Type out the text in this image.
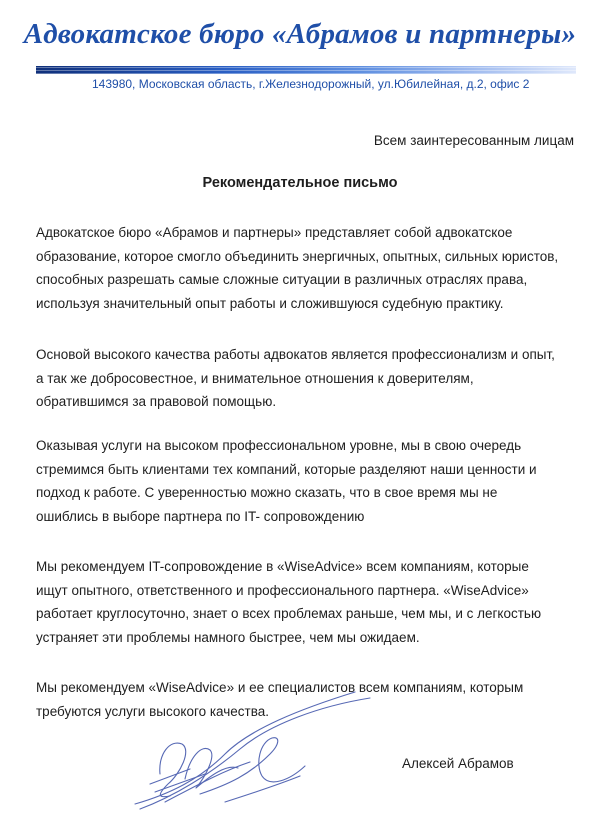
Адвокатское бюро «Абрамов и партнеры»
143980, Московская область, г.Железнодорожный, ул.Юбилейная, д.2, офис 2
Всем заинтересованным лицам
Рекомендательное письмо
Адвокатское бюро «Абрамов и партнеры» представляет собой адвокатское
образование, которое смогло объединить энергичных, опытных, сильных юристов,
способных разрешать самые сложные ситуации в различных отраслях права,
используя значительный опыт работы и сложившуюся судебную практику.
Основой высокого качества работы адвокатов является профессионализм и опыт,
а так же добросовестное, и внимательное отношения к доверителям,
обратившимся за правовой помощью.
Оказывая услуги на высоком профессиональном уровне, мы в свою очередь
стремимся быть клиентами тех компаний, которые разделяют наши ценности и
подход к работе. С уверенностью можно сказать, что в свое время мы не
ошиблись в выборе партнера по IT- сопровождению
Мы рекомендуем IT-сопровождение в «WiseAdvice» всем компаниям, которые
ищут опытного, ответственного и профессионального партнера. «WiseAdvice»
работает круглосуточно, знает о всех проблемах раньше, чем мы, и с легкостью
устраняет эти проблемы намного быстрее, чем мы ожидаем.
Мы рекомендуем «WiseAdvice» и ее специалистов всем компаниям, которым
требуются услуги высокого качества.
Алексей Абрамов
